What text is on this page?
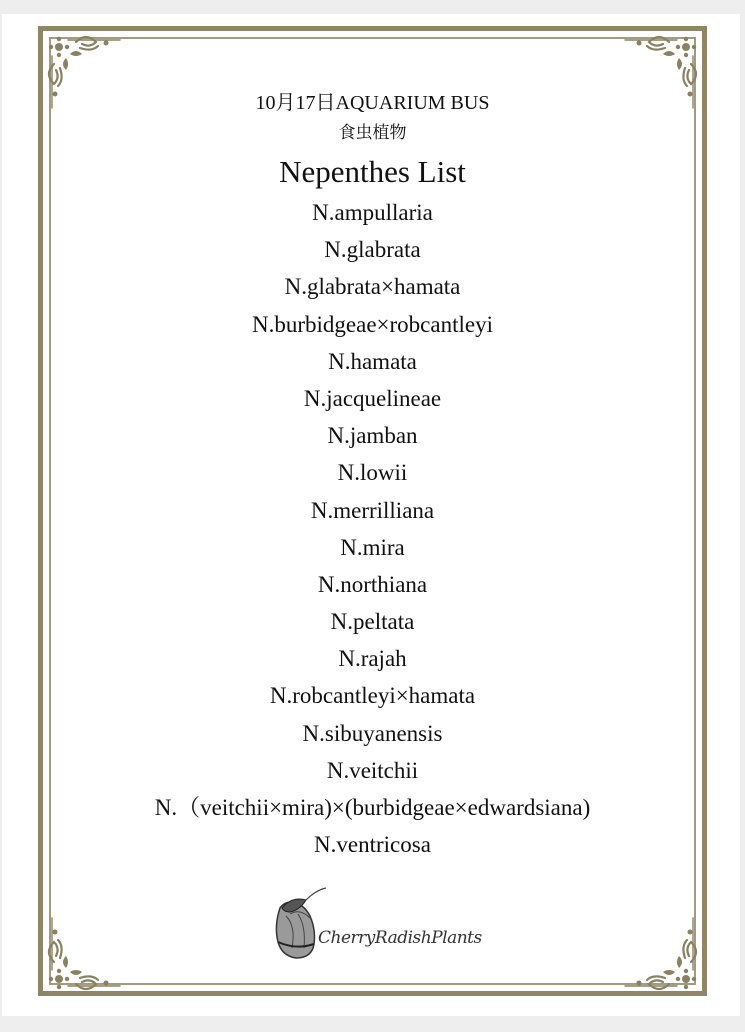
10月17日AQUARIUM BUS
食虫植物
Nepenthes List
N.ampullaria
N.glabrata
N.glabrata×hamata
N.burbidgeae×robcantleyi
N.hamata
N.jacquelineae
N.jamban
N.lowii
N.merrilliana
N.mira
N.northiana
N.peltata
N.rajah
N.robcantleyi×hamata
N.sibuyanensis
N.veitchii
N.（veitchii×mira)×(burbidgeae×edwardsiana)
N.ventricosa
CherryRadishPlants
